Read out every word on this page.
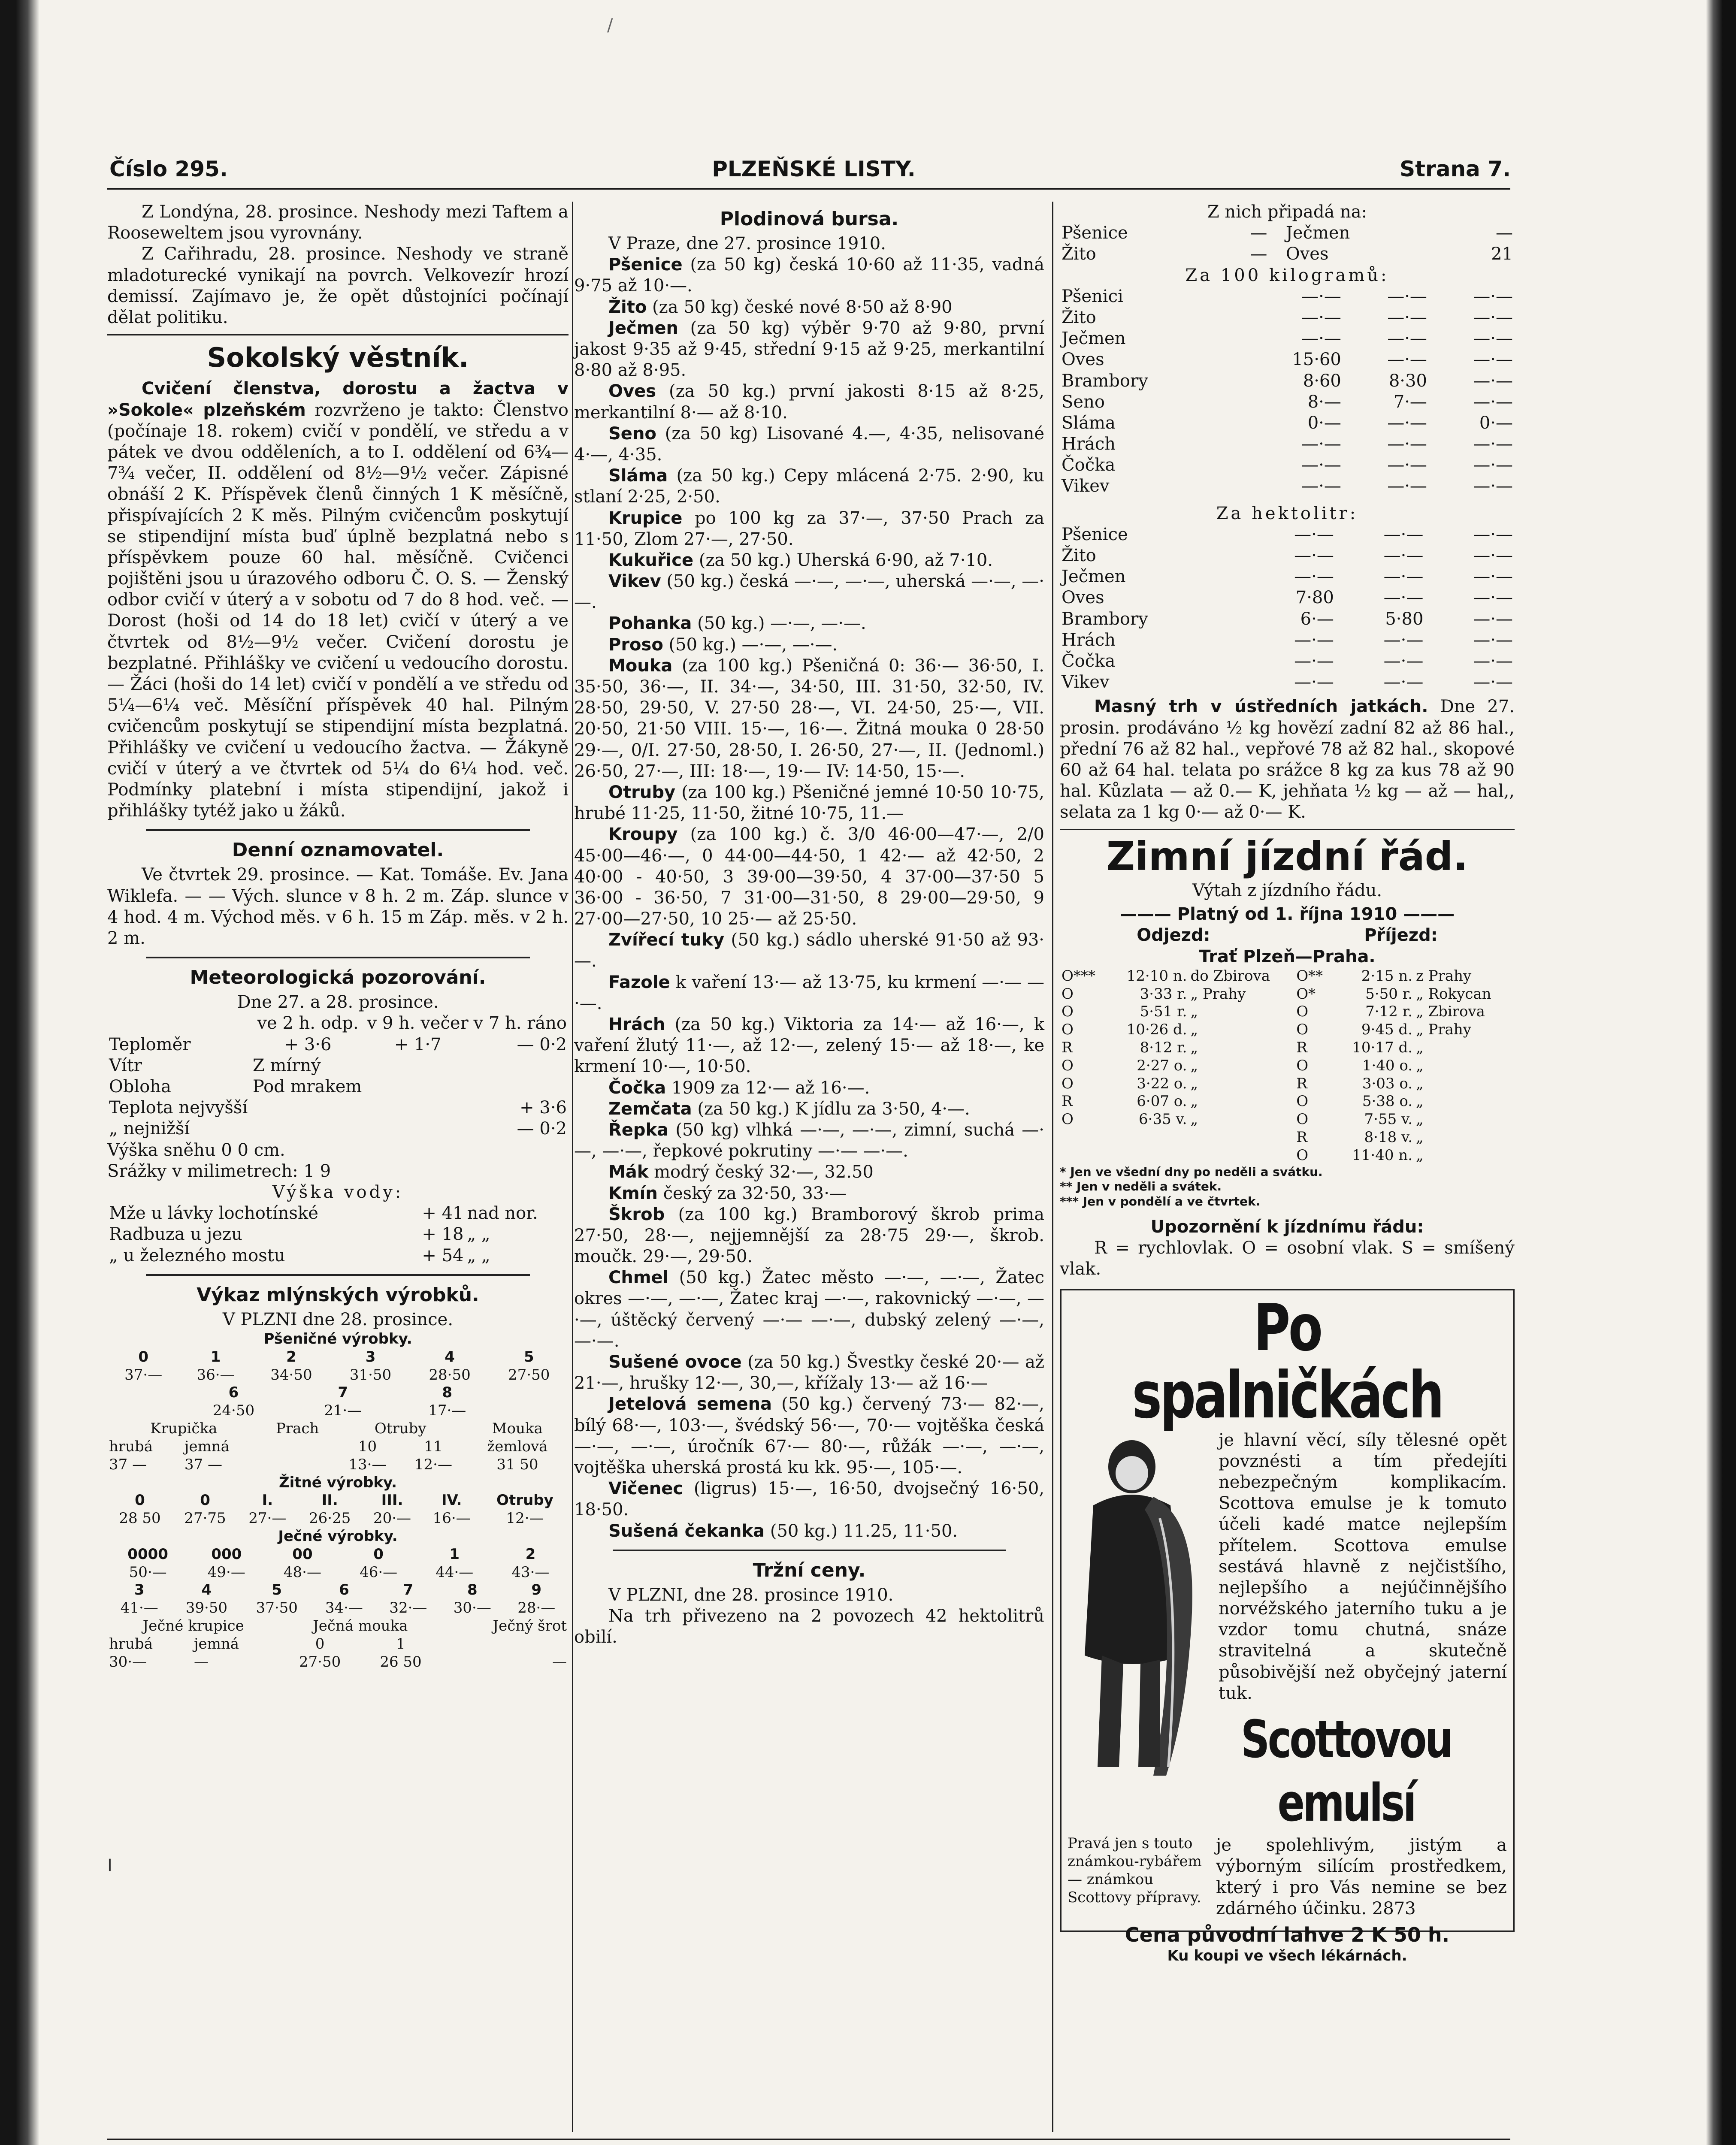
/
I
Číslo 295.	PLZEŇSKÉ LISTY.	Strana 7.

Z Londýna, 28. prosince. Neshody mezi Taftem a Rooseweltem jsou vyrovnány.

Z Cařihradu, 28. prosince. Neshody ve straně mladoturecké vynikají na povrch. Velkovezír hrozí demissí. Zajímavo je, že opět důstojníci počínají dělat politiku.

Sokolský věstník.

Cvičení členstva, dorostu a žactva v »Sokole« plzeňském rozvrženo je takto: Členstvo (počínaje 18. rokem) cvičí v pondělí, ve středu a v pátek ve dvou odděleních, a to I. oddělení od 6¾—7¾ večer, II. oddělení od 8½—9½ večer. Zápisné obnáší 2 K. Příspěvek členů činných 1 K měsíčně, přispívajících 2 K měs. Pilným cvičencům poskytují se stipendijní místa buď úplně bezplatná nebo s příspěvkem pouze 60 hal. měsíčně. Cvičenci pojištěni jsou u úrazového odboru Č. O. S. — Ženský odbor cvičí v úterý a v sobotu od 7 do 8 hod. več. — Dorost (hoši od 14 do 18 let) cvičí v úterý a ve čtvrtek od 8½—9½ večer. Cvičení dorostu je bezplatné. Přihlášky ve cvičení u vedoucího dorostu. — Žáci (hoši do 14 let) cvičí v pondělí a ve středu od 5¼—6¼ več. Měsíční příspěvek 40 hal. Pilným cvičencům poskytují se stipendijní místa bezplatná. Přihlášky ve cvičení u vedoucího žactva. — Žákyně cvičí v úterý a ve čtvrtek od 5¼ do 6¼ hod. več. Podmínky platební i místa stipendijní, jakož i přihlášky tytéž jako u žáků.

Denní oznamovatel.

Ve čtvrtek 29. prosince. — Kat. Tomáše. Ev. Jana Wiklefa. — — Vých. slunce v 8 h. 2 m. Záp. slunce v 4 hod. 4 m. Východ měs. v 6 h. 15 m Záp. měs. v 2 h. 2 m.

Meteorologická pozorování.
Dne 27. a 28. prosince.
	ve 2 h. odp.	v 9 h. večer	v 7 h. ráno
Teploměr	+ 3·6	+ 1·7	— 0·2
Vítr	Z mírný		
Obloha	Pod mrakem		
Teplota nejvyšší			+ 3·6
„ nejnižší			— 0·2
Výška sněhu 0 0 cm.
Srážky v milimetrech: 1 9
Výška vody:
Mže u lávky lochotínské	+ 41	nad nor.
Radbuza u jezu	+ 18	„ „
„ u železného mostu	+ 54	„ „
Výkaz mlýnských výrobků.
V PLZNI dne 28. prosince.
Pšeničné výrobky.
0	1	2	3	4	5
37·—	36·—	34·50	31·50	28·50	27·50
6	7	8
24·50	21·—	17·—
Krupička		Prach	Otruby		Mouka
hrubá	jemná		10	11	žemlová
37 —	37 —		13·—	12·—	31 50
Žitné výrobky.
0	0	I.	II.	III.	IV.	Otruby
28 50	27·75	27·—	26·25	20·—	16·—	12·—
Ječné výrobky.
0000	000	00	0	1	2
50·—	49·—	48·—	46·—	44·—	43·—
3	4	5	6	7	8	9
41·—	39·50	37·50	34·—	32·—	30·—	28·—
Ječné krupice		Ječná mouka		Ječný šrot
hrubá	jemná	0	1	
30·—	—	27·50	26 50	—
Plodinová bursa.

V Praze, dne 27. prosince 1910.

Pšenice (za 50 kg) česká 10·60 až 11·35, vadná 9·75 až 10·—.

Žito (za 50 kg) české nové 8·50 až 8·90

Ječmen (za 50 kg) výběr 9·70 až 9·80, první jakost 9·35 až 9·45, střední 9·15 až 9·25, merkantilní 8·80 až 8·95.

Oves (za 50 kg.) první jakosti 8·15 až 8·25, merkantilní 8·— až 8·10.

Seno (za 50 kg) Lisované 4.—, 4·35, nelisované 4·—, 4·35.

Sláma (za 50 kg.) Cepy mlácená 2·75. 2·90, ku stlaní 2·25, 2·50.

Krupice po 100 kg za 37·—, 37·50 Prach za 11·50, Zlom 27·—, 27·50.

Kukuřice (za 50 kg.) Uherská 6·90, až 7·10.

Vikev (50 kg.) česká —·—, —·—, uherská —·—, —·—.

Pohanka (50 kg.) —·—, —·—.

Proso (50 kg.) —·—, —·—.

Mouka (za 100 kg.) Pšeničná 0: 36·— 36·50, I. 35·50, 36·—, II. 34·—, 34·50, III. 31·50, 32·50, IV. 28·50, 29·50, V. 27·50 28·—, VI. 24·50, 25·—, VII. 20·50, 21·50 VIII. 15·—, 16·—. Žitná mouka 0 28·50 29·—, 0/I. 27·50, 28·50, I. 26·50, 27·—, II. (Jednoml.) 26·50, 27·—, III: 18·—, 19·— IV: 14·50, 15·—.

Otruby (za 100 kg.) Pšeničné jemné 10·50 10·75, hrubé 11·25, 11·50, žitné 10·75, 11.—

Kroupy (za 100 kg.) č. 3/0 46·00—47·—, 2/0 45·00—46·—, 0 44·00—44·50, 1 42·— až 42·50, 2 40·00 - 40·50, 3 39·00—39·50, 4 37·00—37·50 5 36·00 - 36·50, 7 31·00—31·50, 8 29·00—29·50, 9 27·00—27·50, 10 25·— až 25·50.

Zvířecí tuky (50 kg.) sádlo uherské 91·50 až 93·—.

Fazole k vaření 13·— až 13·75, ku krmení —·— —·—.

Hrách (za 50 kg.) Viktoria za 14·— až 16·—, k vaření žlutý 11·—, až 12·—, zelený 15·— až 18·—, ke krmení 10·—, 10·50.

Čočka 1909 za 12·— až 16·—.

Zemčata (za 50 kg.) K jídlu za 3·50, 4·—.

Řepka (50 kg) vlhká —·—, —·—, zimní, suchá —·—, —·—, řepkové pokrutiny —·— —·—.

Mák modrý český 32·—, 32.50

Kmín český za 32·50, 33·—

Škrob (za 100 kg.) Bramborový škrob prima 27·50, 28·—, nejjemnější za 28·75 29·—, škrob. moučk. 29·—, 29·50.

Chmel (50 kg.) Žatec město —·—, —·—, Žatec okres —·—, —·—, Žatec kraj —·—, rakovnický —·—, —·—, úštěcký červený —·— —·—, dubský zelený —·—, —·—.

Sušené ovoce (za 50 kg.) Švestky české 20·— až 21·—, hrušky 12·—, 30,—, křížaly 13·— až 16·—

Jetelová semena (50 kg.) červený 73·— 82·—, bílý 68·—, 103·—, švédský 56·—, 70·— vojtěška česká —·—, —·—, úročník 67·— 80·—, růžák —·—, —·—, vojtěška uherská prostá ku kk. 95·—, 105·—.

Vičenec (ligrus) 15·—, 16·50, dvojsečný 16·50, 18·50.

Sušená čekanka (50 kg.) 11.25, 11·50.

Tržní ceny.

V PLZNI, dne 28. prosince 1910.

Na trh přivezeno na 2 povozech 42 hektolitrů obilí.

Z nich připadá na:
Pšenice	—	Ječmen	—
Žito	—	Oves	21
Za 100 kilogramů:
Pšenici	—·—	—·—	—·—
Žito	—·—	—·—	—·—
Ječmen	—·—	—·—	—·—
Oves	15·60	—·—	—·—
Brambory	8·60	8·30	—·—
Seno	8·—	7·—	—·—
Sláma	0·—	—·—	0·—
Hrách	—·—	—·—	—·—
Čočka	—·—	—·—	—·—
Vikev	—·—	—·—	—·—
Za hektolitr:
Pšenice	—·—	—·—	—·—
Žito	—·—	—·—	—·—
Ječmen	—·—	—·—	—·—
Oves	7·80	—·—	—·—
Brambory	6·—	5·80	—·—
Hrách	—·—	—·—	—·—
Čočka	—·—	—·—	—·—
Vikev	—·—	—·—	—·—

Masný trh v ústředních jatkách. Dne 27. prosin. prodáváno ½ kg hovězí zadní 82 až 86 hal., přední 76 až 82 hal., vepřové 78 až 82 hal., skopové 60 až 64 hal. telata po srážce 8 kg za kus 78 až 90 hal. Kůzlata — až 0.— K, jehňata ½ kg — až — hal,, selata za 1 kg 0·— až 0·— K.

Zimní jízdní řád.
Výtah z jízdního řádu.
——— Platný od 1. října 1910 ———
Odjezd:	Příjezd:
Trať Plzeň—Praha.
O***	12·10 n.	do Zbirova	O**	2·15 n.	z Prahy
O	3·33 r.	„ Prahy	O*	5·50 r.	„ Rokycan
O	5·51 r.	„	O	7·12 r.	„ Zbirova
O	10·26 d.	„	O	9·45 d.	„ Prahy
R	8·12 r.	„	R	10·17 d.	„
O	2·27 o.	„	O	1·40 o.	„
O	3·22 o.	„	R	3·03 o.	„
R	6·07 o.	„	O	5·38 o.	„
O	6·35 v.	„	O	7·55 v.	„
			R	8·18 v.	„
			O	11·40 n.	„
* Jen ve všední dny po neděli a svátku.
** Jen v neděli a svátek.
*** Jen v pondělí a ve čtvrtek.
Upozornění k jízdnímu řádu:

R = rychlovlak. O = osobní vlak. S = smíšený vlak.

Po spalničkách

je hlavní věcí, síly tělesné opět povznésti a tím předejíti nebezpečným komplikacím. Scottova emulse je k tomuto účeli kadé matce nejlepším přítelem. Scottova emulse sestává hlavně z nejčistšího, nejlepšího a nejúčinnějšího norvéžského jaterního tuku a je vzdor tomu chutná, snáze stravitelná a skutečně působivější než obyčejný jaterní tuk.

Scottovou emulsí
Pravá jen s touto známkou-rybářem — známkou Scottovy přípravy.

je spolehlivým, jistým a výborným silícím prostředkem, který i pro Vás nemine se bez zdárného účinku. 2873

Cena původní lahve 2 K 50 h.
Ku koupi ve všech lékárnách.
